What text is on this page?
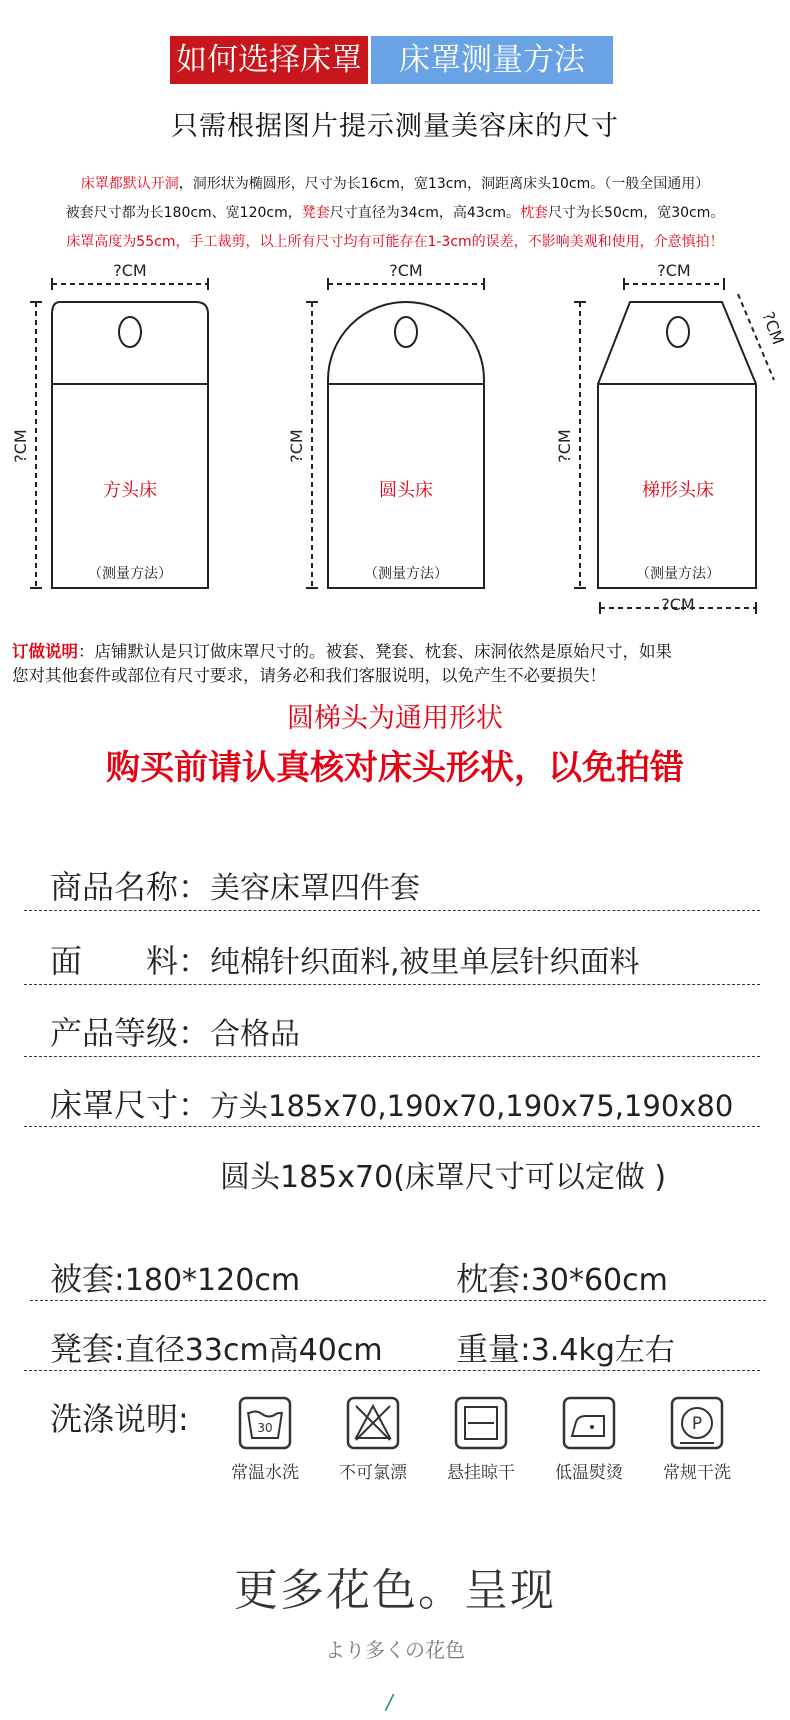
如何选择床罩	床罩测量方法
只需根据图片提示测量美容床的尺寸
床罩都默认开洞，洞形状为椭圆形，尺寸为长16cm，宽13cm，洞距离床头10cm。（一般全国通用）
被套尺寸都为长180cm、宽120cm，凳套尺寸直径为34cm，高43cm。枕套尺寸为长50cm，宽30cm。
床罩高度为55cm，手工裁剪，以上所有尺寸均有可能存在1-3cm的误差，不影响美观和使用，介意慎拍！
?CM	?CM	?CM
?CM
?CM	?CM	?CM
?CM
方头床	圆头床	梯形头床
（测量方法）	（测量方法）	（测量方法）
订做说明：店铺默认是只订做床罩尺寸的。被套、凳套、枕套、床洞依然是原始尺寸，如果
您对其他套件或部位有尺寸要求，请务必和我们客服说明，以免产生不必要损失！
圆梯头为通用形状
购买前请认真核对床头形状，以免拍错
商品名称：美容床罩四件套
面　　料：纯棉针织面料,被里单层针织面料
产品等级：合格品
床罩尺寸：方头185x70,190x70,190x75,190x80
圆头185x70(床罩尺寸可以定做 )
被套:180*120cm	枕套:30*60cm
凳套:直径33cm高40cm 重量:3.4kg左右
洗涤说明:	30	P
常温水洗	不可氯漂	悬挂晾干	低温熨烫	常规干洗
更多花色。呈现
より多くの花色
/
